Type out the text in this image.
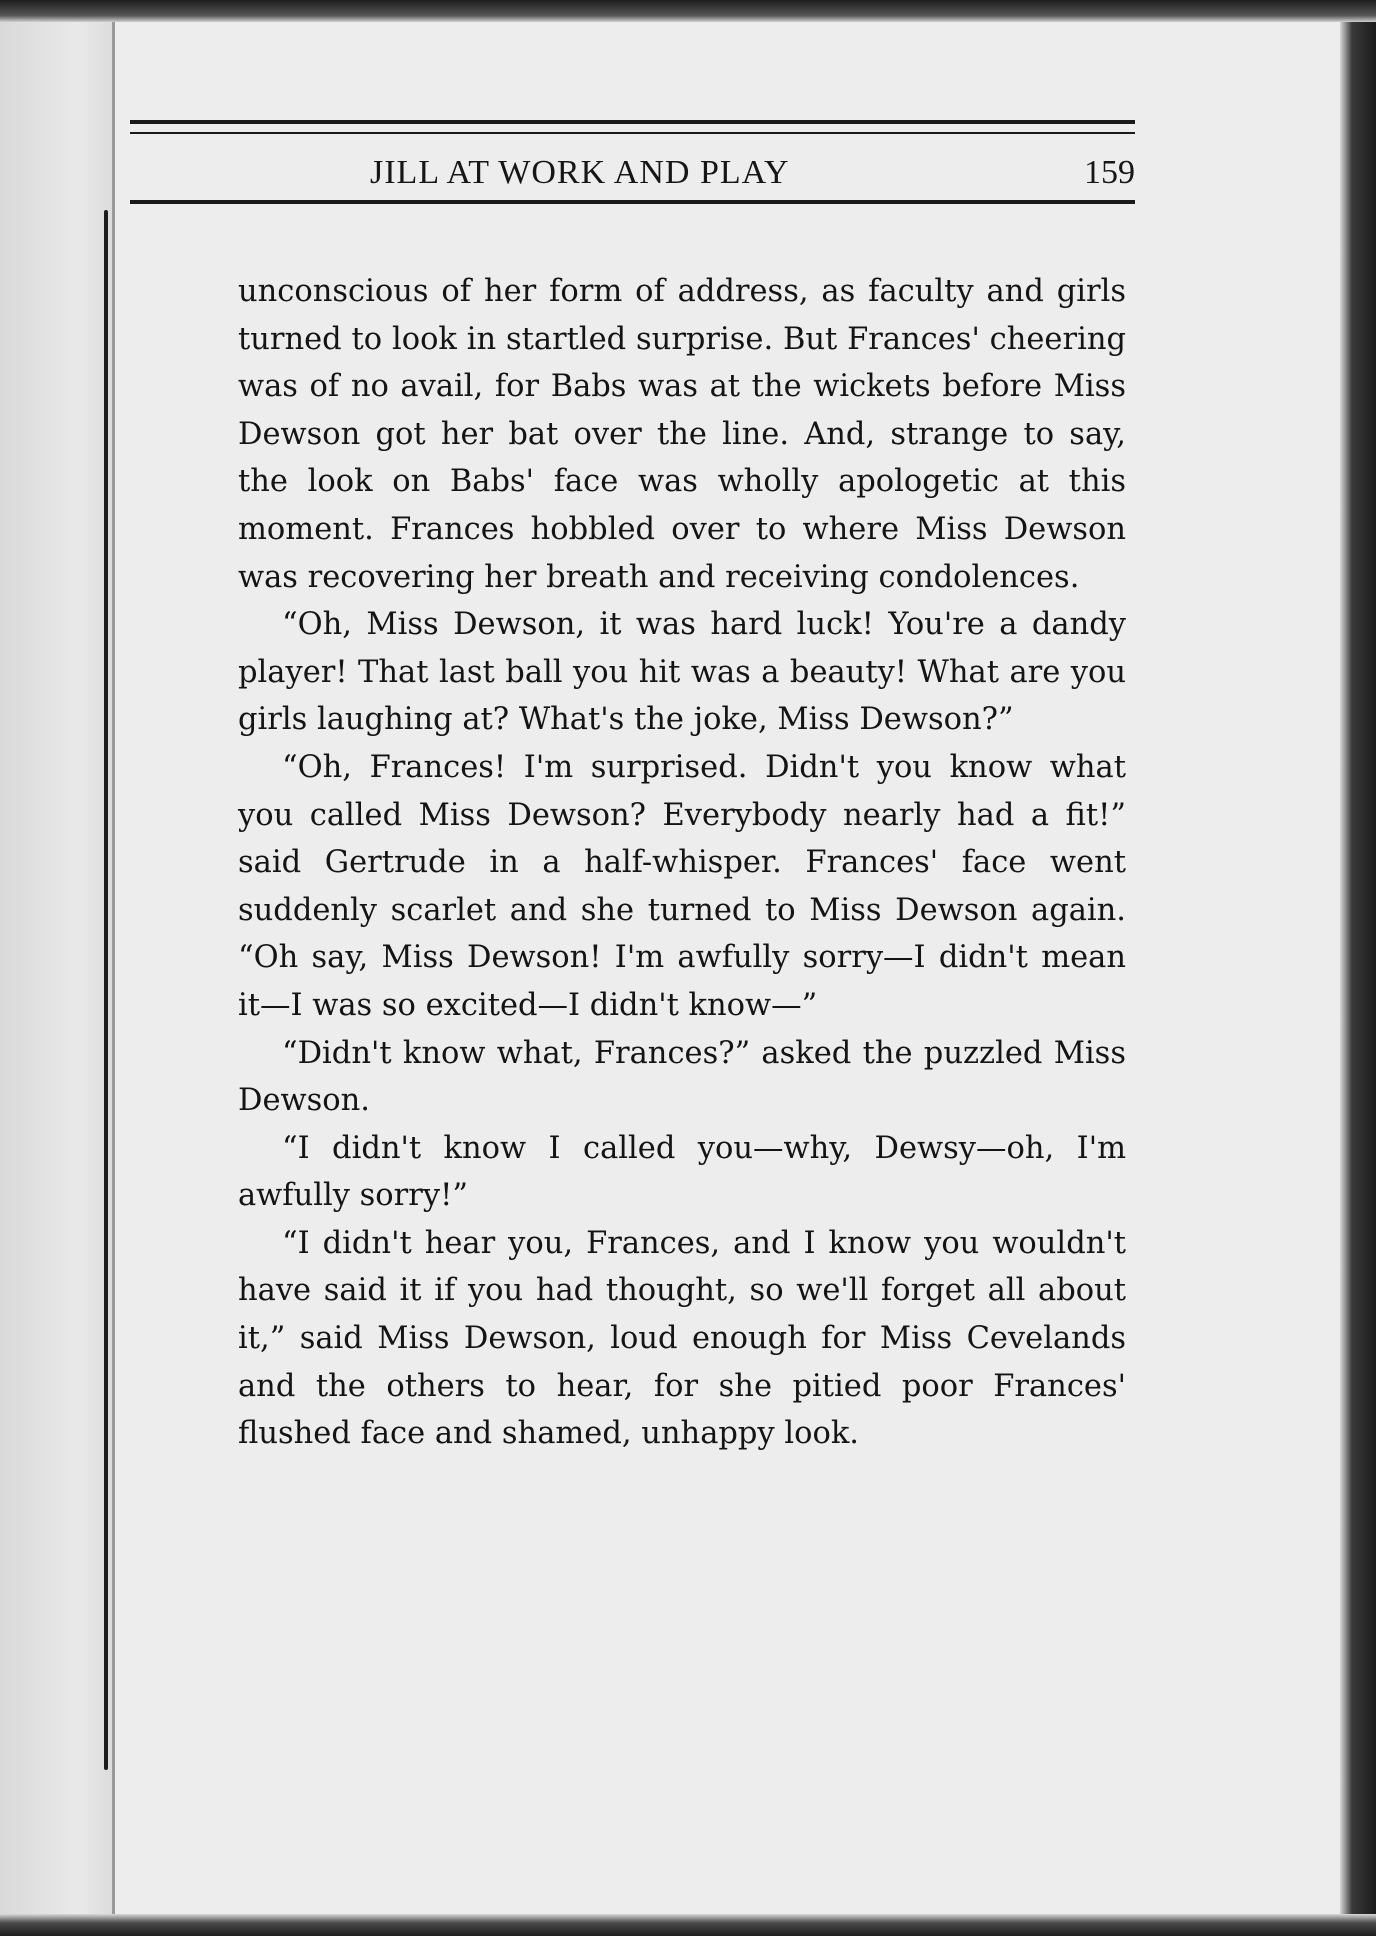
JILL AT WORK AND PLAY	159

unconscious of her form of address, as faculty and girls turned to look in startled surprise. But Frances' cheering was of no avail, for Babs was at the wickets before Miss Dewson got her bat over the line. And, strange to say, the look on Babs' face was wholly apologetic at this moment. Frances hobbled over to where Miss Dewson was recovering her breath and receiving condolences.

“Oh, Miss Dewson, it was hard luck! You're a dandy player! That last ball you hit was a beauty! What are you girls laughing at? What's the joke, Miss Dewson?”

“Oh, Frances! I'm surprised. Didn't you know what you called Miss Dewson? Everybody nearly had a fit!” said Gertrude in a half-whisper. Frances' face went suddenly scarlet and she turned to Miss Dewson again. “Oh say, Miss Dewson! I'm awfully sorry—I didn't mean it—I was so excited—I didn't know—”

“Didn't know what, Frances?” asked the puzzled Miss Dewson.

“I didn't know I called you—why, Dewsy—oh, I'm awfully sorry!”

“I didn't hear you, Frances, and I know you wouldn't have said it if you had thought, so we'll forget all about it,” said Miss Dewson, loud enough for Miss Cevelands and the others to hear, for she pitied poor Frances' flushed face and shamed, unhappy look.
